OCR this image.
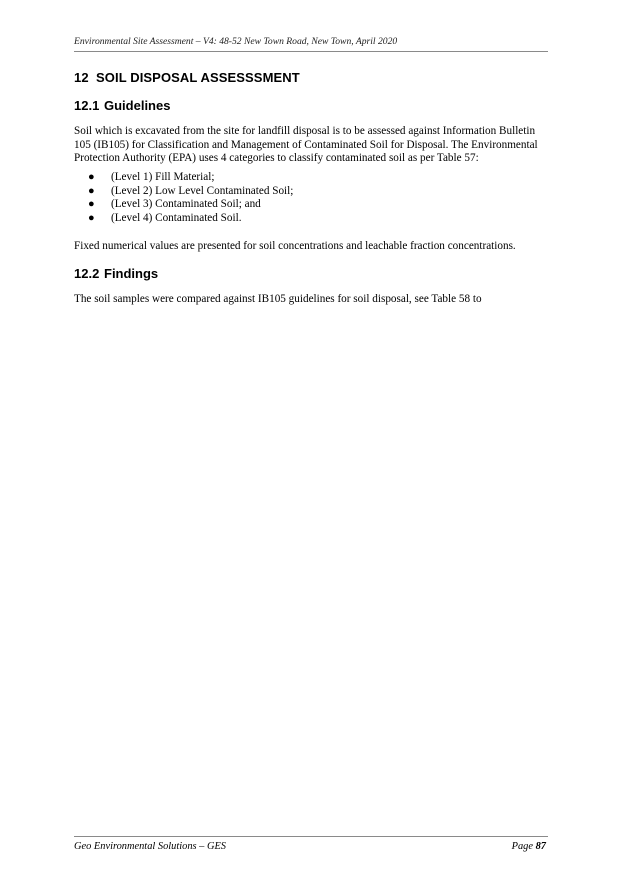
Environmental Site Assessment – V4: 48-52 New Town Road, New Town, April 2020
12 SOIL DISPOSAL ASSESSSMENT
12.1 Guidelines
Soil which is excavated from the site for landfill disposal is to be assessed against Information Bulletin
105 (IB105) for Classification and Management of Contaminated Soil for Disposal. The Environmental
Protection Authority (EPA) uses 4 categories to classify contaminated soil as per Table 57:
● (Level 1) Fill Material;
● (Level 2) Low Level Contaminated Soil;
● (Level 3) Contaminated Soil; and
● (Level 4) Contaminated Soil.
Fixed numerical values are presented for soil concentrations and leachable fraction concentrations.
12.2 Findings
The soil samples were compared against IB105 guidelines for soil disposal, see Table 58 to
Geo Environmental Solutions – GES	Page 87
